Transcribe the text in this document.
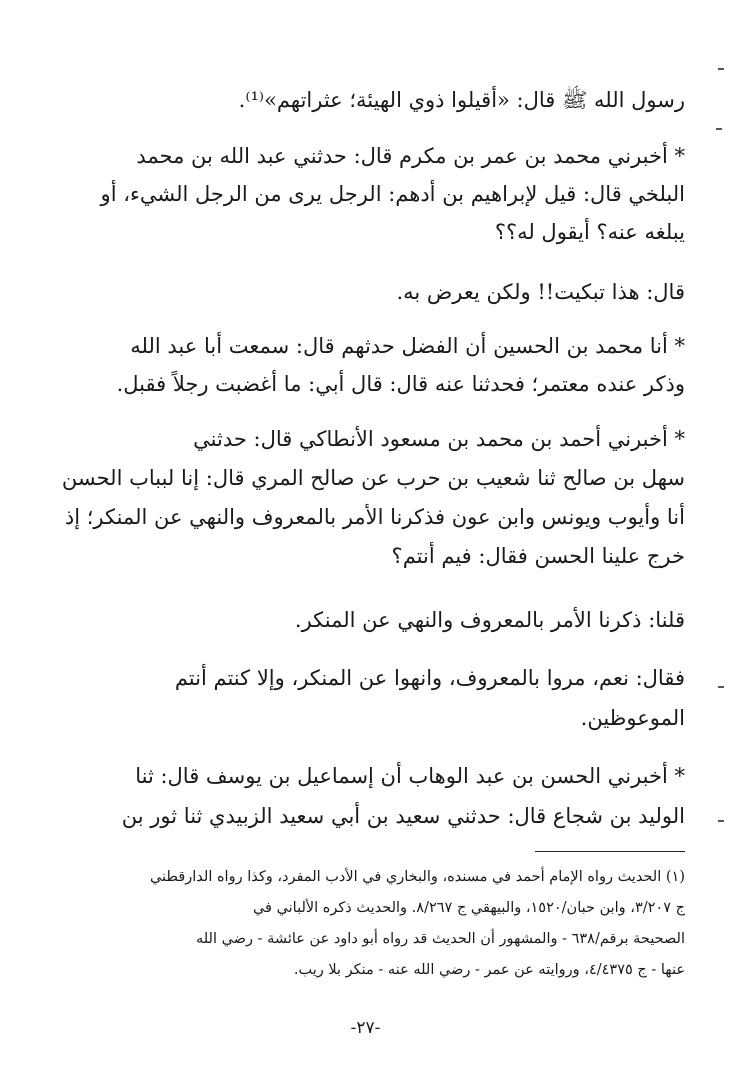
رسول الله ﷺ قال: «أقيلوا ذوي الهيئة؛ عثراتهم»⁽¹⁾.
* أخبرني محمد بن عمر بن مكرم قال: حدثني عبد الله بن محمد
البلخي قال: قيل لإبراهيم بن أدهم: الرجل يرى من الرجل الشيء، أو
يبلغه عنه؟ أيقول له؟؟
قال: هذا تبكيت!! ولكن يعرض به.
* أنا محمد بن الحسين أن الفضل حدثهم قال: سمعت أبا عبد الله
وذكر عنده معتمر؛ فحدثنا عنه قال: قال أبي: ما أغضبت رجلاً فقبل.
* أخبرني أحمد بن محمد بن مسعود الأنطاكي قال: حدثني
سهل بن صالح ثنا شعيب بن حرب عن صالح المري قال: إنا لبباب الحسن
أنا وأيوب ويونس وابن عون فذكرنا الأمر بالمعروف والنهي عن المنكر؛ إذ
خرج علينا الحسن فقال: فيم أنتم؟
قلنا: ذكرنا الأمر بالمعروف والنهي عن المنكر.
فقال: نعم، مروا بالمعروف، وانهوا عن المنكر، وإلا كنتم أنتم
الموعوظين.
* أخبرني الحسن بن عبد الوهاب أن إسماعيل بن يوسف قال: ثنا
الوليد بن شجاع قال: حدثني سعيد بن أبي سعيد الزبيدي ثنا ثور بن
(١) الحديث رواه الإمام أحمد في مسنده، والبخاري في الأدب المفرد، وكذا رواه الدارقطني
ج ٣/٢٠٧، وابن حبان/١٥٢٠، والبيهقي ج ٨/٢٦٧. والحديث ذكره الألباني في
الصحيحة برقم/٦٣٨ - والمشهور أن الحديث قد رواه أبو داود عن عائشة - رضي الله
عنها - ج ٤/٤٣٧٥، وروايته عن عمر - رضي الله عنه - منكر بلا ريب.
-٢٧-
